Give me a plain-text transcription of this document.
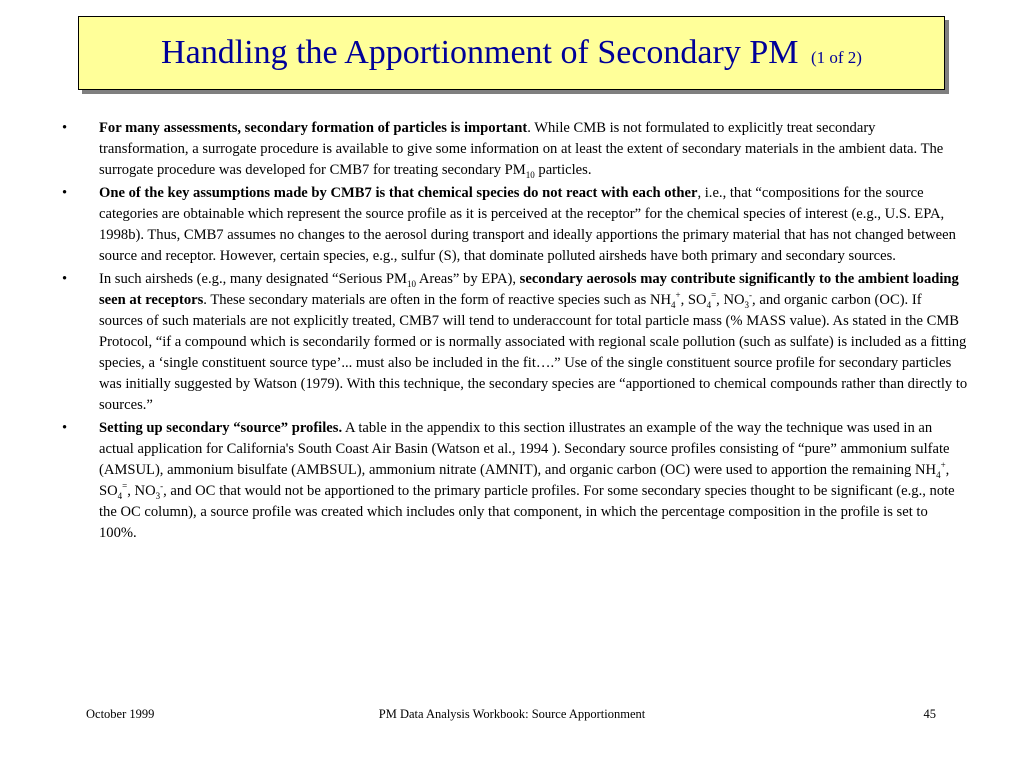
Handling the Apportionment of Secondary PM (1 of 2)
•	For many assessments, secondary formation of particles is important. While CMB is not formulated to explicitly treat secondary transformation, a surrogate procedure is available to give some information on at least the extent of secondary materials in the ambient data. The surrogate procedure was developed for CMB7 for treating secondary $PM_{10}$ particles.
•	One of the key assumptions made by CMB7 is that chemical species do not react with each other, i.e., that “compositions for the source categories are obtainable which represent the source profile as it is perceived at the receptor” for the chemical species of interest (e.g., U.S. EPA, 1998b). Thus, CMB7 assumes no changes to the aerosol during transport and ideally apportions the primary material that has not changed between source and receptor. However, certain species, e.g., sulfur (S), that dominate polluted airsheds have both primary and secondary sources.
•	In such airsheds (e.g., many designated “Serious $PM_{10}$ Areas” by EPA), secondary aerosols may contribute significantly to the ambient loading seen at receptors. These secondary materials are often in the form of reactive species such as $NH_4^+$, $SO_4^=$, $NO_3^-$, and organic carbon (OC). If sources of such materials are not explicitly treated, CMB7 will tend to underaccount for total particle mass (% MASS value). As stated in the CMB Protocol, “if a compound which is secondarily formed or is normally associated with regional scale pollution (such as sulfate) is included as a fitting species, a ‘single constituent source type’... must also be included in the fit….” Use of the single constituent source profile for secondary particles was initially suggested by Watson (1979). With this technique, the secondary species are “apportioned to chemical compounds rather than directly to sources.”
•	Setting up secondary “source” profiles. A table in the appendix to this section illustrates an example of the way the technique was used in an actual application for California's South Coast Air Basin (Watson et al., 1994 ). Secondary source profiles consisting of “pure” ammonium sulfate (AMSUL), ammonium bisulfate (AMBSUL), ammonium nitrate (AMNIT), and organic carbon (OC) were used to apportion the remaining $NH_4^+$, $SO_4^=$, $NO_3^-$, and OC that would not be apportioned to the primary particle profiles. For some secondary species thought to be significant (e.g., note the OC column), a source profile was created which includes only that component, in which the percentage composition in the profile is set to 100%.
October 1999	PM Data Analysis Workbook: Source Apportionment	45
